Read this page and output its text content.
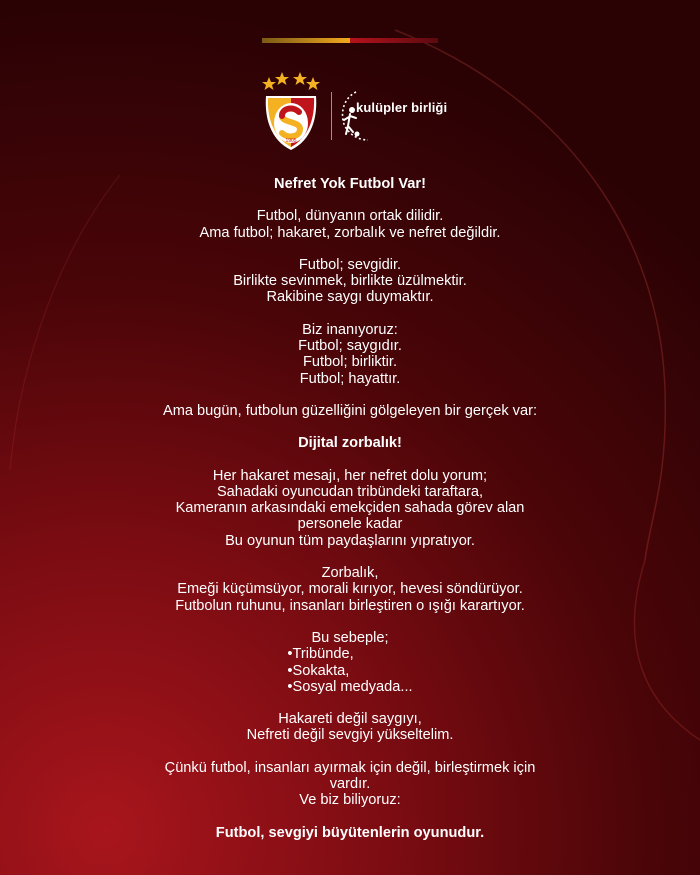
1905
kulüpler birliği

Nefret Yok Futbol Var!

Futbol, dünyanın ortak dilidir.
Ama futbol; hakaret, zorbalık ve nefret değildir.

Futbol; sevgidir.
Birlikte sevinmek, birlikte üzülmektir.
Rakibine saygı duymaktır.

Biz inanıyoruz:
Futbol; saygıdır.
Futbol; birliktir.
Futbol; hayattır.

Ama bugün, futbolun güzelliğini gölgeleyen bir gerçek var:

Dijital zorbalık!

Her hakaret mesajı, her nefret dolu yorum;
Sahadaki oyuncudan tribündeki taraftara,
Kameranın arkasındaki emekçiden sahada görev alan
personele kadar
Bu oyunun tüm paydaşlarını yıpratıyor.

Zorbalık,
Emeği küçümsüyor, morali kırıyor, hevesi söndürüyor.
Futbolun ruhunu, insanları birleştiren o ışığı karartıyor.

Bu sebeple;
•Tribünde,
•Sokakta,
•Sosyal medyada...

Hakareti değil saygıyı,
Nefreti değil sevgiyi yükseltelim.

Çünkü futbol, insanları ayırmak için değil, birleştirmek için
vardır.
Ve biz biliyoruz:

Futbol, sevgiyi büyütenlerin oyunudur.
